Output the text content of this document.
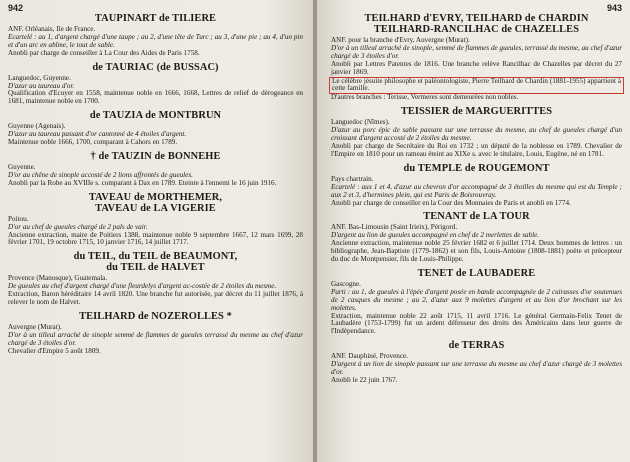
942
TAUPINART de TILIERE
ANF. Orléanais, Ile de France.
Ecartelé : au 1, d'argent chargé d'une taupe ; au 2, d'une tête de Turc ; au 3, d'une pie ; au 4, d'un pin et d'un arc en abîme, le tout de sable.
Anobli par charge de conseiller à La Cour des Aides de Paris 1758.
de TAURIAC (de BUSSAC)
Languedoc, Guyenne.
D'azur au taureau d'or.
Qualification d'Ecuyer en 1558, maintenue noble en 1666, 1668, Lettres de relief de dérogeance en 1681, maintenue noble en 1700.
de TAUZIA de MONTBRUN
Guyenne (Agenais).
D'azur au taureau passant d'or cantonné de 4 étoiles d'argent.
Maintenue noble 1666, 1700, comparant à Cahors en 1789.
† de TAUZIN de BONNEHE
Guyenne.
D'or au chêne de sinople accosté de 2 lions affrontés de gueules.
Anobli par la Robe au XVIIIe s. comparant à Dax en 1789. Eteinte à l'ennemi le 16 juin 1916.
TAVEAU de MORTHEMER,
TAVEAU de LA VIGERIE
Poitou.
D'or au chef de gueules chargé de 2 pals de vair.
Ancienne extraction, maire de Poitiers 1388, maintenue noble 9 septembre 1667, 12 mars 1699, 28 février 1701, 19 octobre 1715, 10 janvier 1716, 14 juillet 1717.
du TEIL, du TEIL de BEAUMONT,
du TEIL de HALVET
Provence (Manosque), Guatemala.
De gueules au chef d'argent chargé d'une fleurdelys d'argent ac-costée de 2 étoiles du mesme.
Extraction, Baron héréditaire 14 avril 1820. Une branche fut autorisée, par décret du 11 juillet 1876, à relever le nom de Halvet.
TEILHARD de NOZEROLLES *
Auvergne (Murat).
D'or à un tilleul arraché de sinople semmé de flammes de gueules terrassé du mesme au chef d'azur chargé de 3 étoiles d'or.
Chevalier d'Empire 5 août 1809.
943
TEILHARD d'EVRY, TEILHARD de CHARDIN
TEILHARD-RANCILHAC de CHAZELLES
ANF. pour la branche d'Evry, Auvergne (Murat).
D'or à un tilleul arraché de sinople, semmé de flammes de gueules, terrassé du mesme, au chef d'azur chargé de 3 étoiles d'or.
Anobli par Lettres Patentes de 1816. Une branche relève Rancilhac de Chazelles par décret du 27 janvier 1869.
Le célèbre jésuite philosophe et paléontologiste, Pierre Teilhard de Chardin (1881-1955) appartient à cette famille.
D'autres branches : Terisse, Vermeres sont demeurées non nobles.
TEISSIER de MARGUERITTES
Languedoc (Nîmes).
D'azur au porc épic de sable passant sur une terrasse du mesme, au chef de gueules chargé d'un croissant d'argent accosté de 2 étoiles du mesme.
Anobli par charge de Secrétaire du Roi en 1732 ; un député de la noblesse en 1789. Chevalier de l'Empire en 1810 pour un rameau éteint au XIXe s. avec le titulaire, Louis, Eugène, né en 1781.
du TEMPLE de ROUGEMONT
Pays chartrain.
Ecartelé : aux 1 et 4, d'azur au chevron d'or accompagné de 3 étoilles du mesme qui est du Temple ; aux 2 et 3, d'hermines plein, qui est Paris de Boisrouvray.
Anobli par charge de conseiller en la Cour des Monnaies de Paris et anobli en 1774.
TENANT de LA TOUR
ANF. Bas-Limousin (Saint Irieix), Périgord.
D'argent au lion de gueules accompagné en chef de 2 merlettes de sable.
Ancienne extraction, maintenue noble 25 février 1682 et 6 juillet 1714. Deux hommes de lettres : un bibliographe, Jean-Baptiste (1779-1862) et son fils, Louis-Antoine (1808-1881) poète et précepteur du duc de Montpensier, fils de Louis-Philippe.
TENET de LAUBADERE
Gascogne.
Parti : au 1, de gueules à l'épée d'argent posée en bande accompagnée de 2 cuirasses d'or soutenues de 2 casques du mesme ; au 2, d'azur aux 9 molettes d'argent et au lion d'or brochant sur les molettes.
Extraction, maintenue noble 22 août 1715, 11 avril 1716. Le général Germain-Felix Tenet de Laubadère (1753-1799) fut un ardent défenseur des droits des Américains dans leur guerre de l'Indépendance.
de TERRAS
ANF. Dauphiné, Provence.
D'argent à un lion de sinople passant sur une terrasse du mesme au chef d'azur chargé de 3 molettes d'or.
Anobli le 22 juin 1767.
